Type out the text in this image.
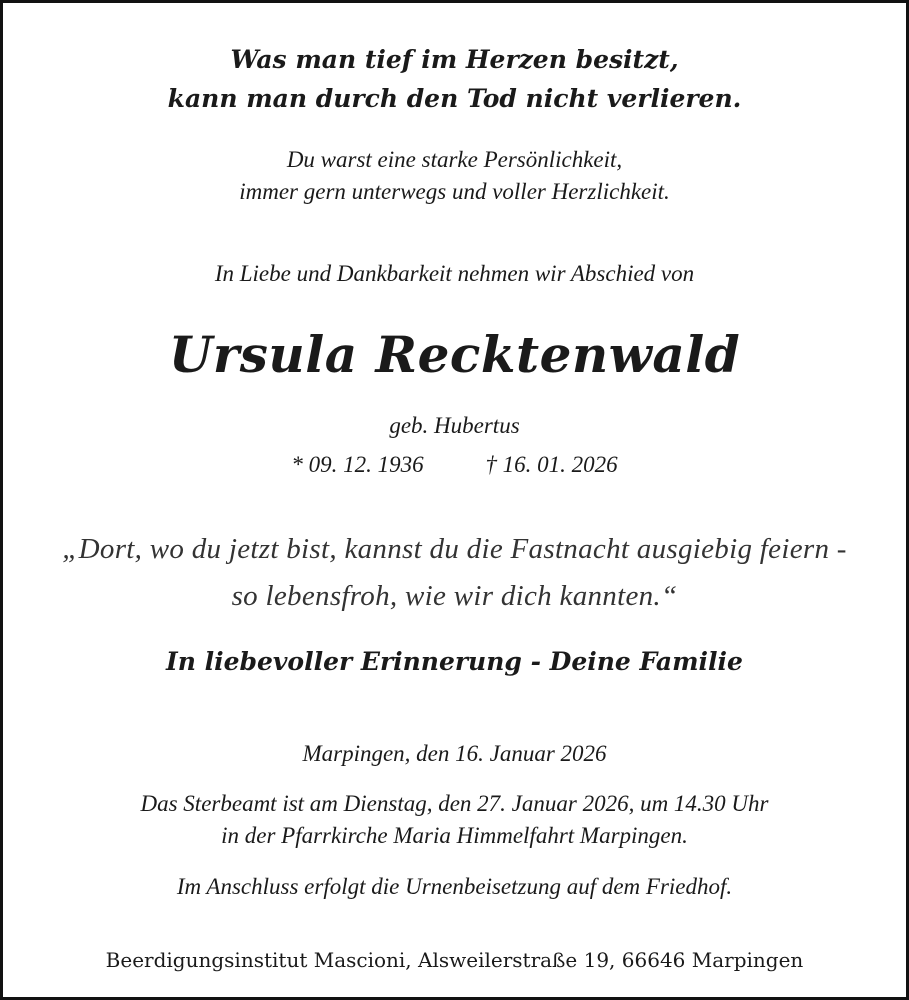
Was man tief im Herzen besitzt,
kann man durch den Tod nicht verlieren.
Du warst eine starke Persönlichkeit,
immer gern unterwegs und voller Herzlichkeit.
In Liebe und Dankbarkeit nehmen wir Abschied von
Ursula Recktenwald
geb. Hubertus
* 09. 12. 1936	† 16. 01. 2026
„Dort, wo du jetzt bist, kannst du die Fastnacht ausgiebig feiern -
so lebensfroh, wie wir dich kannten.“
In liebevoller Erinnerung - Deine Familie
Marpingen, den 16. Januar 2026
Das Sterbeamt ist am Dienstag, den 27. Januar 2026, um 14.30 Uhr
in der Pfarrkirche Maria Himmelfahrt Marpingen.
Im Anschluss erfolgt die Urnenbeisetzung auf dem Friedhof.
Beerdigungsinstitut Mascioni, Alsweilerstraße 19, 66646 Marpingen
